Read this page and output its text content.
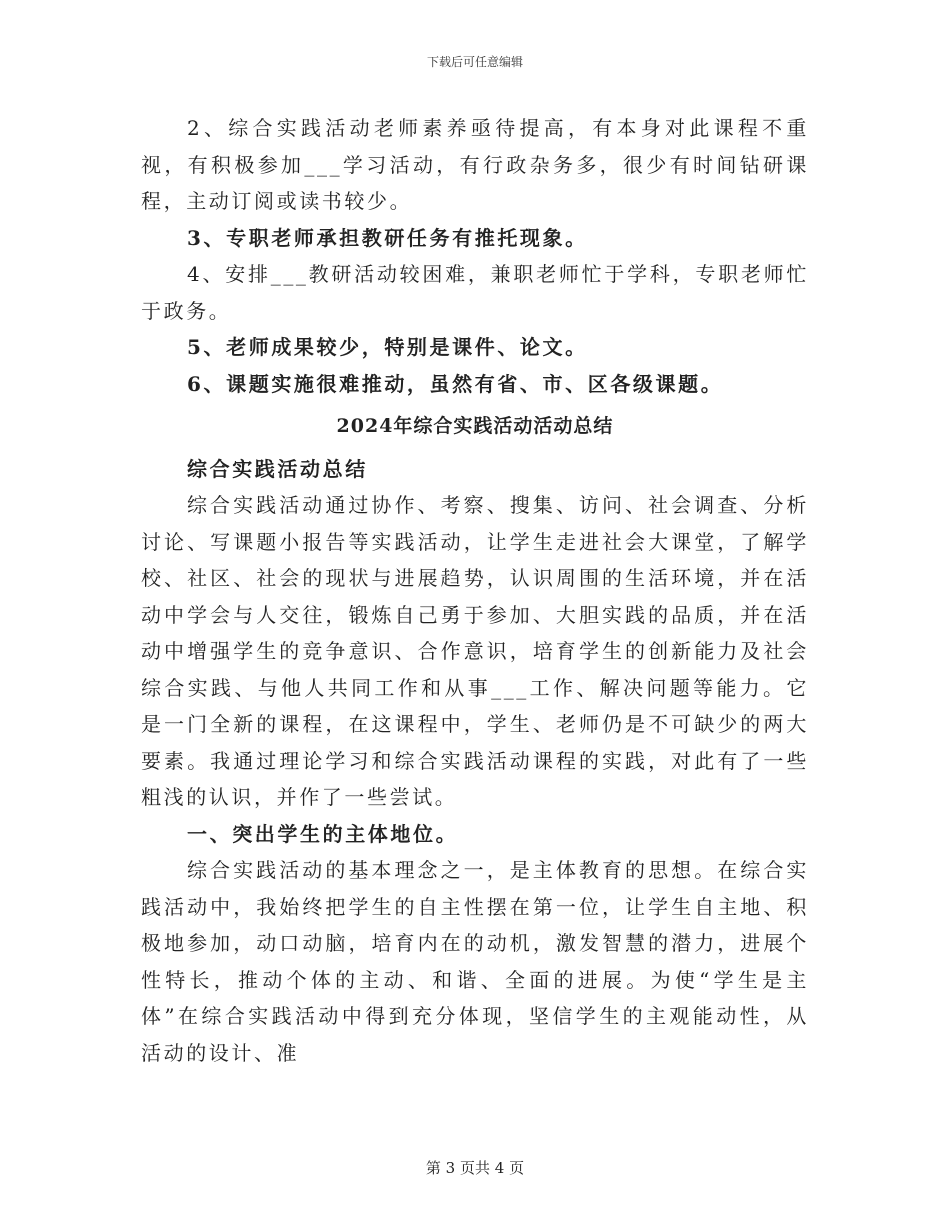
下载后可任意编辑

2、综合实践活动老师素养亟待提高，有本身对此课程不重视，有积极参加___学习活动，有行政杂务多，很少有时间钻研课程，主动订阅或读书较少。

3、专职老师承担教研任务有推托现象。

4、安排___教研活动较困难，兼职老师忙于学科，专职老师忙于政务。

5、老师成果较少，特别是课件、论文。

6、课题实施很难推动，虽然有省、市、区各级课题。

2024年综合实践活动活动总结

综合实践活动总结

综合实践活动通过协作、考察、搜集、访问、社会调查、分析讨论、写课题小报告等实践活动，让学生走进社会大课堂，了解学校、社区、社会的现状与进展趋势，认识周围的生活环境，并在活动中学会与人交往，锻炼自己勇于参加、大胆实践的品质，并在活动中增强学生的竞争意识、合作意识，培育学生的创新能力及社会综合实践、与他人共同工作和从事___工作、解决问题等能力。它是一门全新的课程，在这课程中，学生、老师仍是不可缺少的两大要素。我通过理论学习和综合实践活动课程的实践，对此有了一些粗浅的认识，并作了一些尝试。

一、突出学生的主体地位。

综合实践活动的基本理念之一，是主体教育的思想。在综合实践活动中，我始终把学生的自主性摆在第一位，让学生自主地、积极地参加，动口动脑，培育内在的动机，激发智慧的潜力，进展个性特长，推动个体的主动、和谐、全面的进展。为使“学生是主体”在综合实践活动中得到充分体现，坚信学生的主观能动性，从活动的设计、准

第 3 页共 4 页
